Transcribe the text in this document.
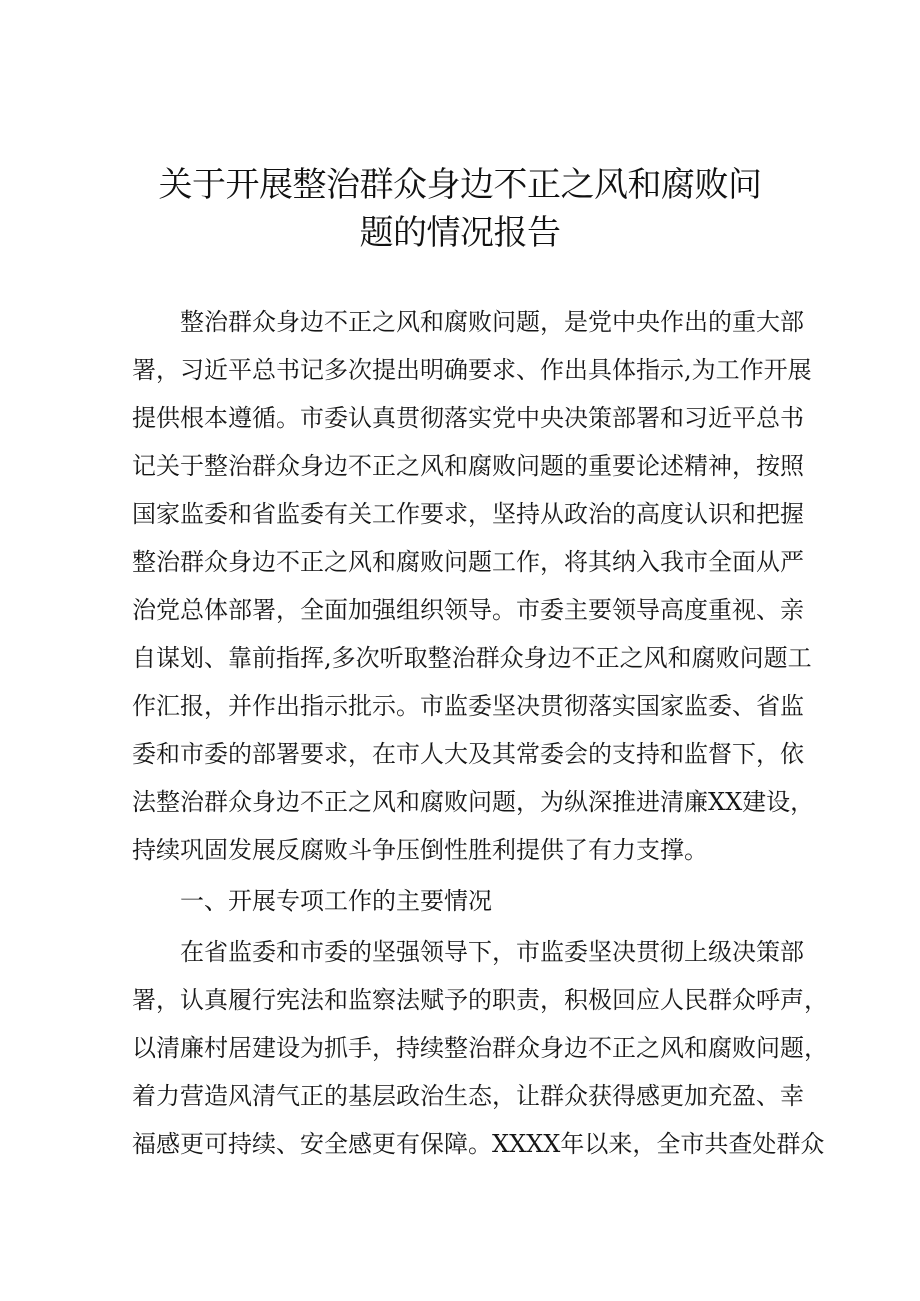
关于开展整治群众身边不正之风和腐败问
题的情况报告
整治群众身边不正之风和腐败问题，是党中央作出的重大部
署，习近平总书记多次提出明确要求、作出具体指示,为工作开展
提供根本遵循。市委认真贯彻落实党中央决策部署和习近平总书
记关于整治群众身边不正之风和腐败问题的重要论述精神，按照
国家监委和省监委有关工作要求，坚持从政治的高度认识和把握
整治群众身边不正之风和腐败问题工作，将其纳入我市全面从严
治党总体部署，全面加强组织领导。市委主要领导高度重视、亲
自谋划、靠前指挥,多次听取整治群众身边不正之风和腐败问题工
作汇报，并作出指示批示。市监委坚决贯彻落实国家监委、省监
委和市委的部署要求，在市人大及其常委会的支持和监督下，依
法整治群众身边不正之风和腐败问题，为纵深推进清廉XX建设，
持续巩固发展反腐败斗争压倒性胜利提供了有力支撑。
一、开展专项工作的主要情况
在省监委和市委的坚强领导下，市监委坚决贯彻上级决策部
署，认真履行宪法和监察法赋予的职责，积极回应人民群众呼声，
以清廉村居建设为抓手，持续整治群众身边不正之风和腐败问题，
着力营造风清气正的基层政治生态，让群众获得感更加充盈、幸
福感更可持续、安全感更有保障。XXXX年以来，全市共查处群众
